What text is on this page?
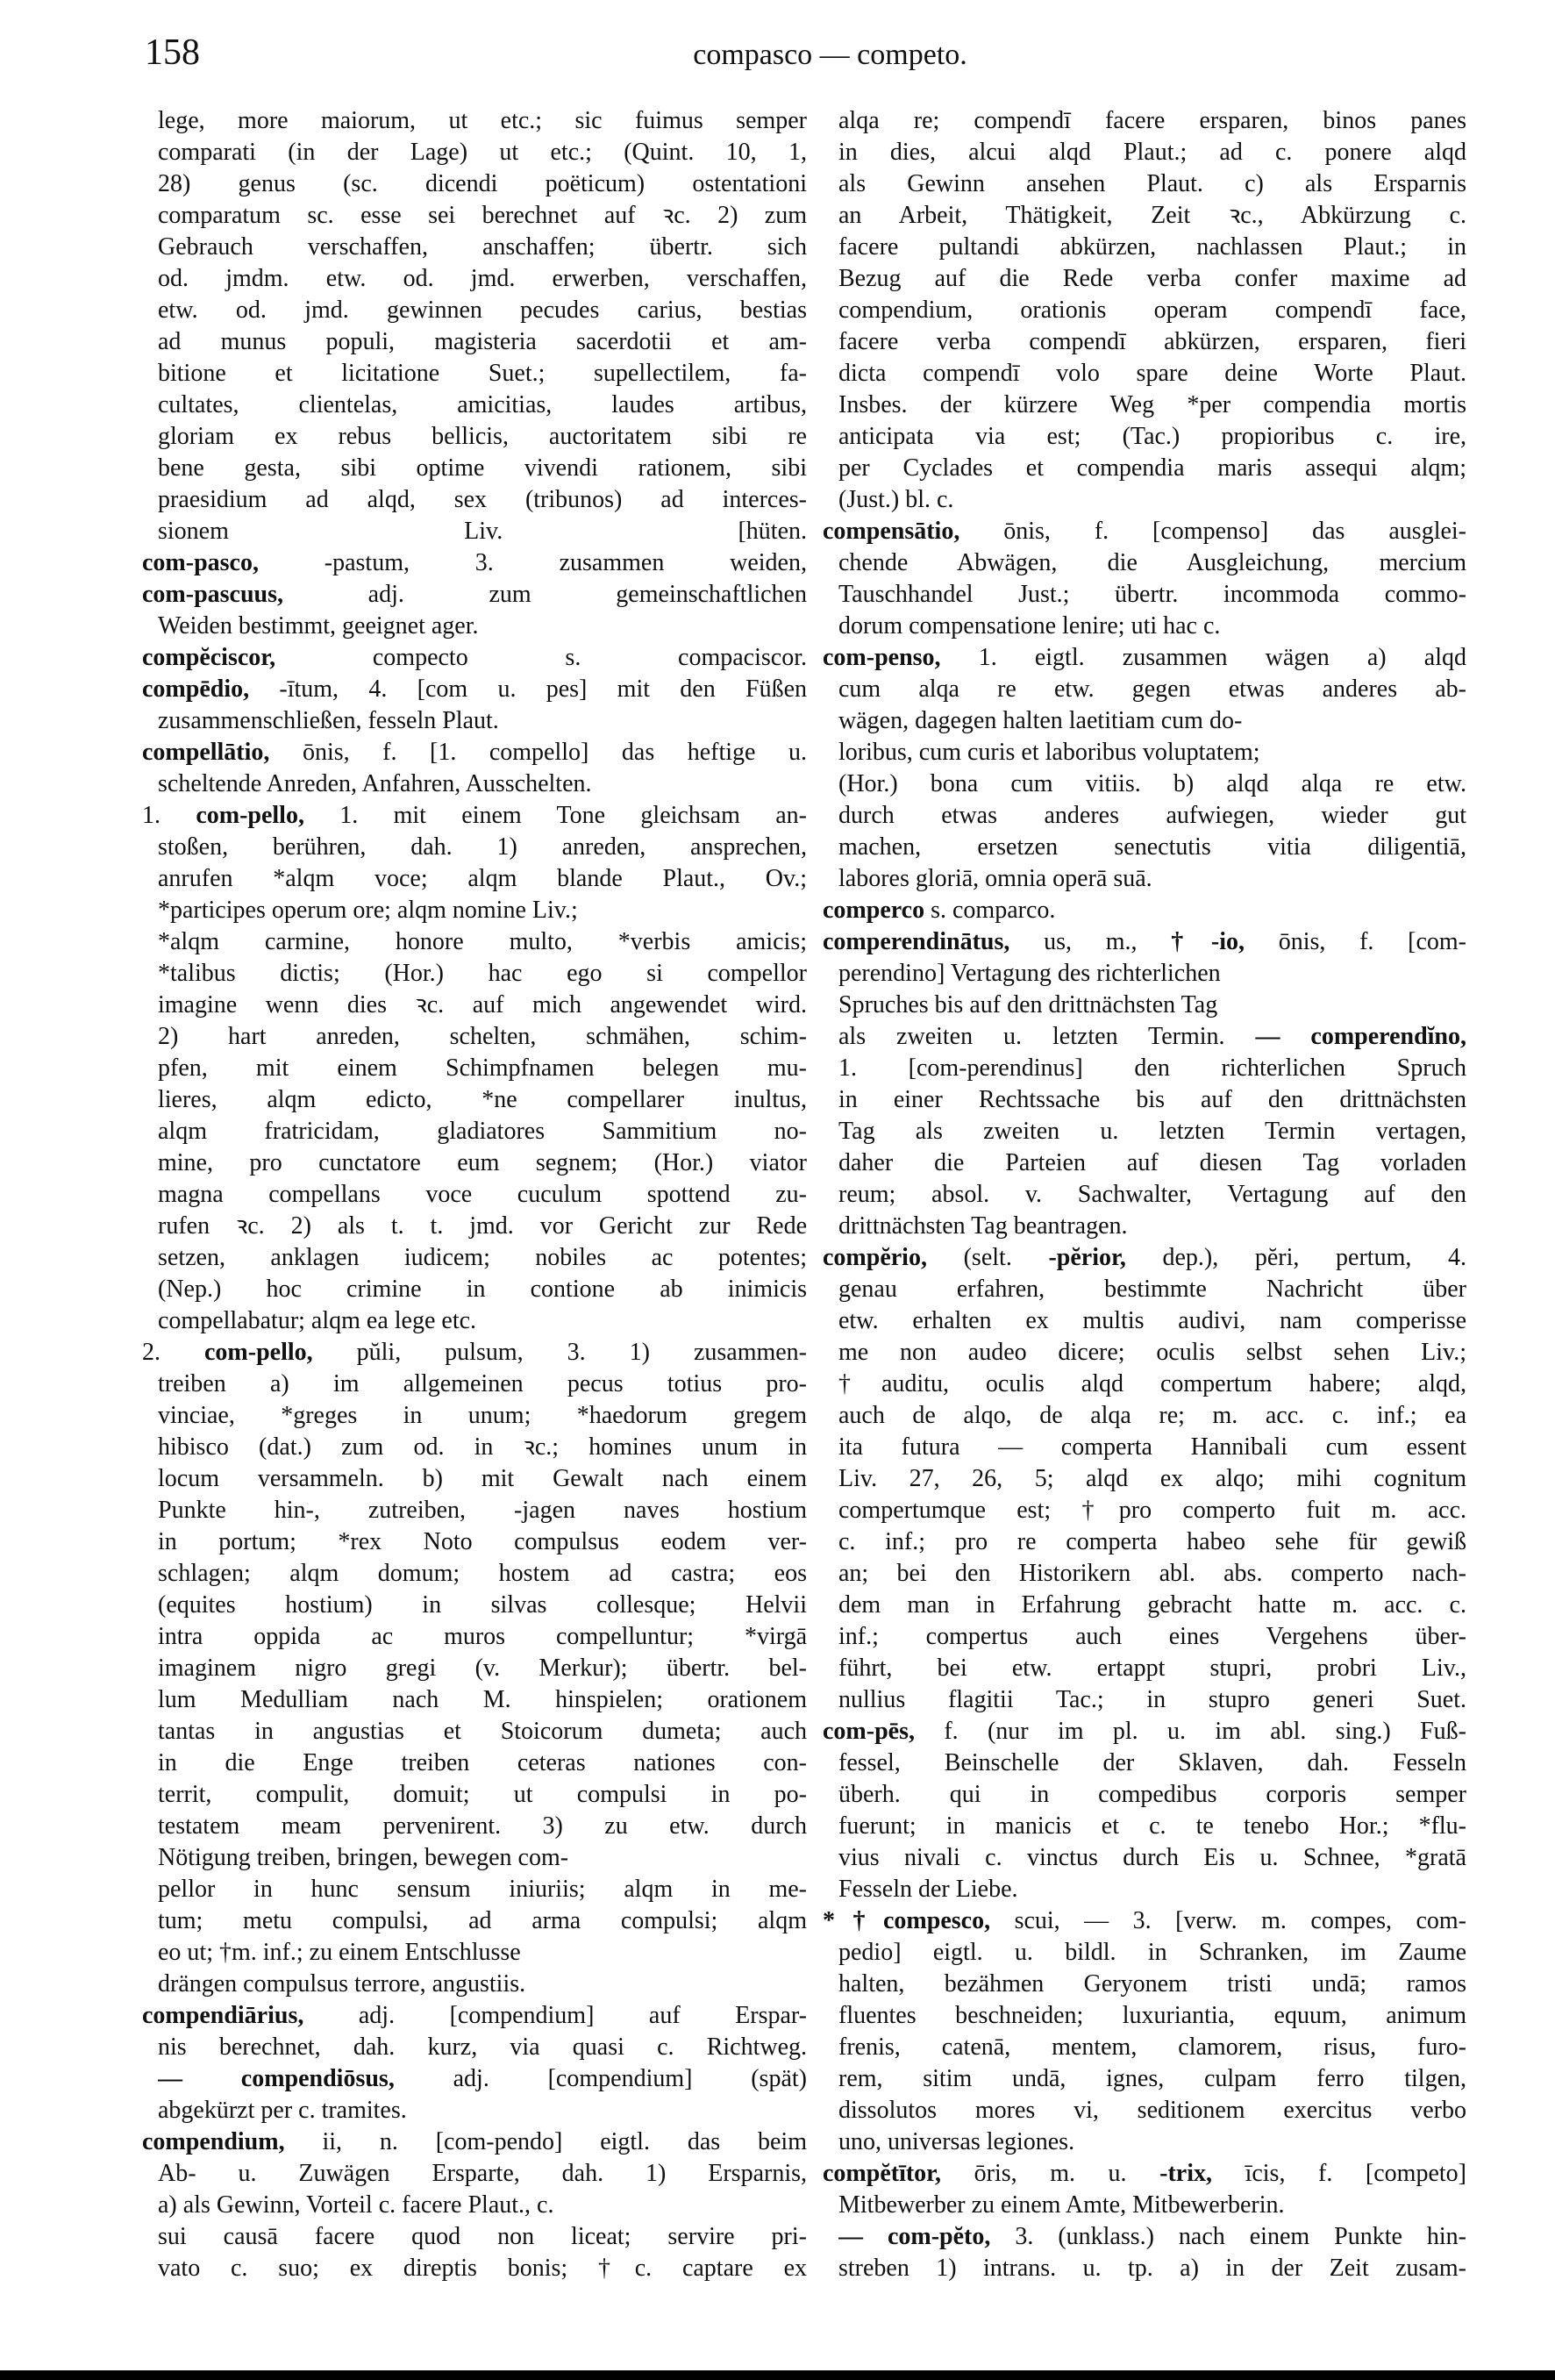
158	compasco — competo.
lege, more maiorum, ut etc.; sic fuimus semper
comparati (in der Lage) ut etc.; (Quint. 10, 1,
28) genus (sc. dicendi poëticum) ostentationi
comparatum sc. esse sei berechnet auf ꝛc. 2) zum
Gebrauch verschaffen, anschaffen; übertr. sich
od. jmdm. etw. od. jmd. erwerben, verschaffen,
etw. od. jmd. gewinnen pecudes carius, bestias
ad munus populi, magisteria sacerdotii et am-
bitione et licitatione Suet.; supellectilem, fa-
cultates, clientelas, amicitias, laudes artibus,
gloriam ex rebus bellicis, auctoritatem sibi re
bene gesta, sibi optime vivendi rationem, sibi
praesidium ad alqd, sex (tribunos) ad interces-
sionem Liv. [hüten.
com-pasco, -pastum, 3. zusammen weiden,
com-pascuus, adj. zum gemeinschaftlichen
Weiden bestimmt, geeignet ager.
compĕciscor, compecto s. compaciscor.
compēdio, -ītum, 4. [com u. pes] mit den Füßen
zusammenschließen, fesseln Plaut.
compellātio, ōnis, f. [1. compello] das heftige u.
scheltende Anreden, Anfahren, Ausschelten.
1. com-pello, 1. mit einem Tone gleichsam an-
stoßen, berühren, dah. 1) anreden, ansprechen,
anrufen *alqm voce; alqm blande Plaut., Ov.;
*participes operum ore; alqm nomine Liv.;
*alqm carmine, honore multo, *verbis amicis;
*talibus dictis; (Hor.) hac ego si compellor
imagine wenn dies ꝛc. auf mich angewendet wird.
2) hart anreden, schelten, schmähen, schim-
pfen, mit einem Schimpfnamen belegen mu-
lieres, alqm edicto, *ne compellarer inultus,
alqm fratricidam, gladiatores Sammitium no-
mine, pro cunctatore eum segnem; (Hor.) viator
magna compellans voce cuculum spottend zu-
rufen ꝛc. 2) als t. t. jmd. vor Gericht zur Rede
setzen, anklagen iudicem; nobiles ac potentes;
(Nep.) hoc crimine in contione ab inimicis
compellabatur; alqm ea lege etc.
2. com-pello, pŭli, pulsum, 3. 1) zusammen-
treiben a) im allgemeinen pecus totius pro-
vinciae, *greges in unum; *haedorum gregem
hibisco (dat.) zum od. in ꝛc.; homines unum in
locum versammeln. b) mit Gewalt nach einem
Punkte hin-, zutreiben, -jagen naves hostium
in portum; *rex Noto compulsus eodem ver-
schlagen; alqm domum; hostem ad castra; eos
(equites hostium) in silvas collesque; Helvii
intra oppida ac muros compelluntur; *virgā
imaginem nigro gregi (v. Merkur); übertr. bel-
lum Medulliam nach M. hinspielen; orationem
tantas in angustias et Stoicorum dumeta; auch
in die Enge treiben ceteras nationes con-
territ, compulit, domuit; ut compulsi in po-
testatem meam pervenirent. 3) zu etw. durch
Nötigung treiben, bringen, bewegen com-
pellor in hunc sensum iniuriis; alqm in me-
tum; metu compulsi, ad arma compulsi; alqm
eo ut; †m. inf.; zu einem Entschlusse
drängen compulsus terrore, angustiis.
compendiārius, adj. [compendium] auf Erspar-
nis berechnet, dah. kurz, via quasi c. Richtweg.
— compendiōsus, adj. [compendium] (spät)
abgekürzt per c. tramites.
compendium, ii, n. [com-pendo] eigtl. das beim
Ab- u. Zuwägen Ersparte, dah. 1) Ersparnis,
a) als Gewinn, Vorteil c. facere Plaut., c.
sui causā facere quod non liceat; servire pri-
vato c. suo; ex direptis bonis; †c. captare ex
alqa re; compendī facere ersparen, binos panes
in dies, alcui alqd Plaut.; ad c. ponere alqd
als Gewinn ansehen Plaut. c) als Ersparnis
an Arbeit, Thätigkeit, Zeit ꝛc., Abkürzung c.
facere pultandi abkürzen, nachlassen Plaut.; in
Bezug auf die Rede verba confer maxime ad
compendium, orationis operam compendī face,
facere verba compendī abkürzen, ersparen, fieri
dicta compendī volo spare deine Worte Plaut.
Insbes. der kürzere Weg *per compendia mortis
anticipata via est; (Tac.) propioribus c. ire,
per Cyclades et compendia maris assequi alqm;
(Just.) bl. c.
compensātio, ōnis, f. [compenso] das ausglei-
chende Abwägen, die Ausgleichung, mercium
Tauschhandel Just.; übertr. incommoda commo-
dorum compensatione lenire; uti hac c.
com-penso, 1. eigtl. zusammen wägen a) alqd
cum alqa re etw. gegen etwas anderes ab-
wägen, dagegen halten laetitiam cum do-
loribus, cum curis et laboribus voluptatem;
(Hor.) bona cum vitiis. b) alqd alqa re etw.
durch etwas anderes aufwiegen, wieder gut
machen, ersetzen senectutis vitia diligentiā,
labores gloriā, omnia operā suā.
comperco s. comparco.
comperendinātus, us, m., †-io, ōnis, f. [com-
perendino] Vertagung des richterlichen
Spruches bis auf den drittnächsten Tag
als zweiten u. letzten Termin. — comperendĭno,
1. [com-perendinus] den richterlichen Spruch
in einer Rechtssache bis auf den drittnächsten
Tag als zweiten u. letzten Termin vertagen,
daher die Parteien auf diesen Tag vorladen
reum; absol. v. Sachwalter, Vertagung auf den
drittnächsten Tag beantragen.
compĕrio, (selt. -pĕrior, dep.), pĕri, pertum, 4.
genau erfahren, bestimmte Nachricht über
etw. erhalten ex multis audivi, nam comperisse
me non audeo dicere; oculis selbst sehen Liv.;
†auditu, oculis alqd compertum habere; alqd,
auch de alqo, de alqa re; m. acc. c. inf.; ea
ita futura — comperta Hannibali cum essent
Liv. 27, 26, 5; alqd ex alqo; mihi cognitum
compertumque est; †pro comperto fuit m. acc.
c. inf.; pro re comperta habeo sehe für gewiß
an; bei den Historikern abl. abs. comperto nach-
dem man in Erfahrung gebracht hatte m. acc. c.
inf.; compertus auch eines Vergehens über-
führt, bei etw. ertappt stupri, probri Liv.,
nullius flagitii Tac.; in stupro generi Suet.
com-pēs, f. (nur im pl. u. im abl. sing.) Fuß-
fessel, Beinschelle der Sklaven, dah. Fesseln
überh. qui in compedibus corporis semper
fuerunt; in manicis et c. te tenebo Hor.; *flu-
vius nivali c. vinctus durch Eis u. Schnee, *gratā
Fesseln der Liebe.
*†compesco, scui, — 3. [verw. m. compes, com-
pedio] eigtl. u. bildl. in Schranken, im Zaume
halten, bezähmen Geryonem tristi undā; ramos
fluentes beschneiden; luxuriantia, equum, animum
frenis, catenā, mentem, clamorem, risus, furo-
rem, sitim undā, ignes, culpam ferro tilgen,
dissolutos mores vi, seditionem exercitus verbo
uno, universas legiones.
compĕtītor, ōris, m. u. -trix, īcis, f. [competo]
Mitbewerber zu einem Amte, Mitbewerberin.
— com-pĕto, 3. (unklass.) nach einem Punkte hin-
streben 1) intrans. u. tp. a) in der Zeit zusam-
